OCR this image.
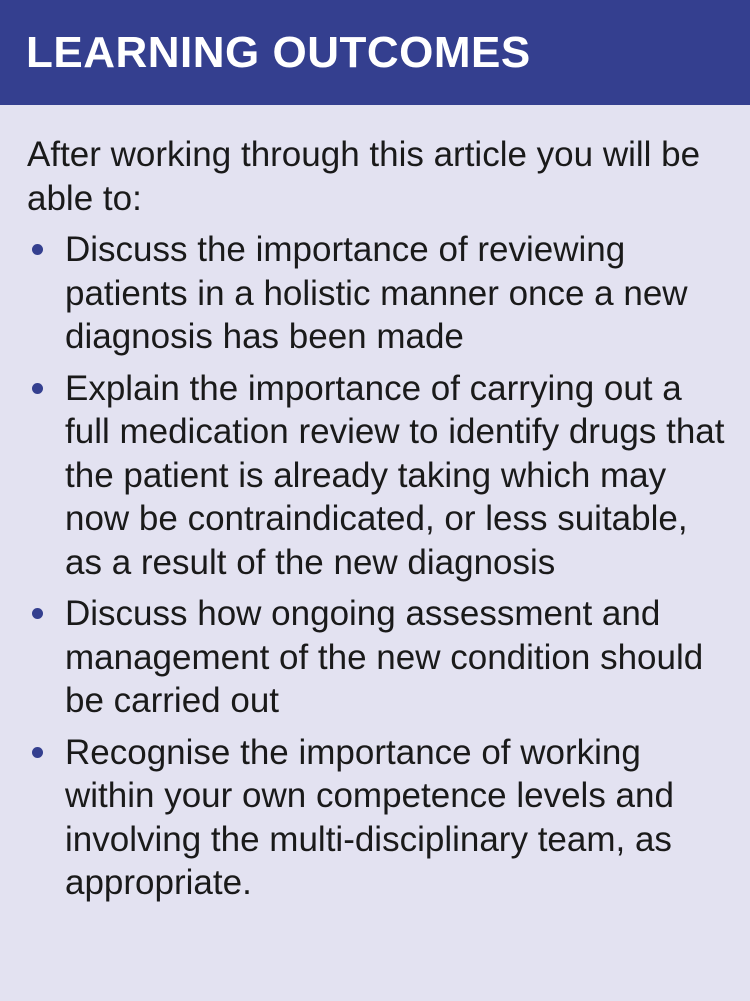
LEARNING OUTCOMES

After working through this article you will be able to:

Discuss the importance of reviewing patients in a holistic manner once a new diagnosis has been made
Explain the importance of carrying out a full medication review to identify drugs that the patient is already taking which may now be contraindicated, or less suitable, as a result of the new diagnosis
Discuss how ongoing assessment and management of the new condition should be carried out
Recognise the importance of working within your own competence levels and involving the multi-disciplinary team, as appropriate.
